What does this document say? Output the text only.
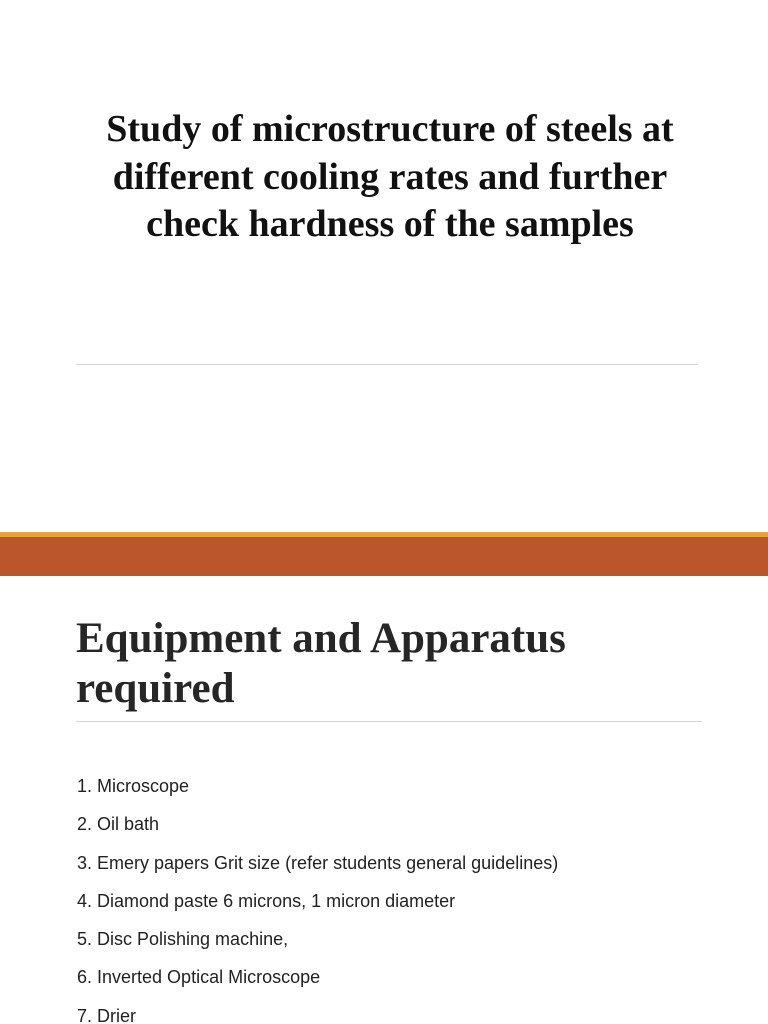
Study of microstructure of steels at different cooling rates and further check hardness of the samples
Equipment and Apparatus required
1. Microscope
2. Oil bath
3. Emery papers Grit size (refer students general guidelines)
4. Diamond paste 6 microns, 1 micron diameter
5. Disc Polishing machine,
6. Inverted Optical Microscope
7. Drier
